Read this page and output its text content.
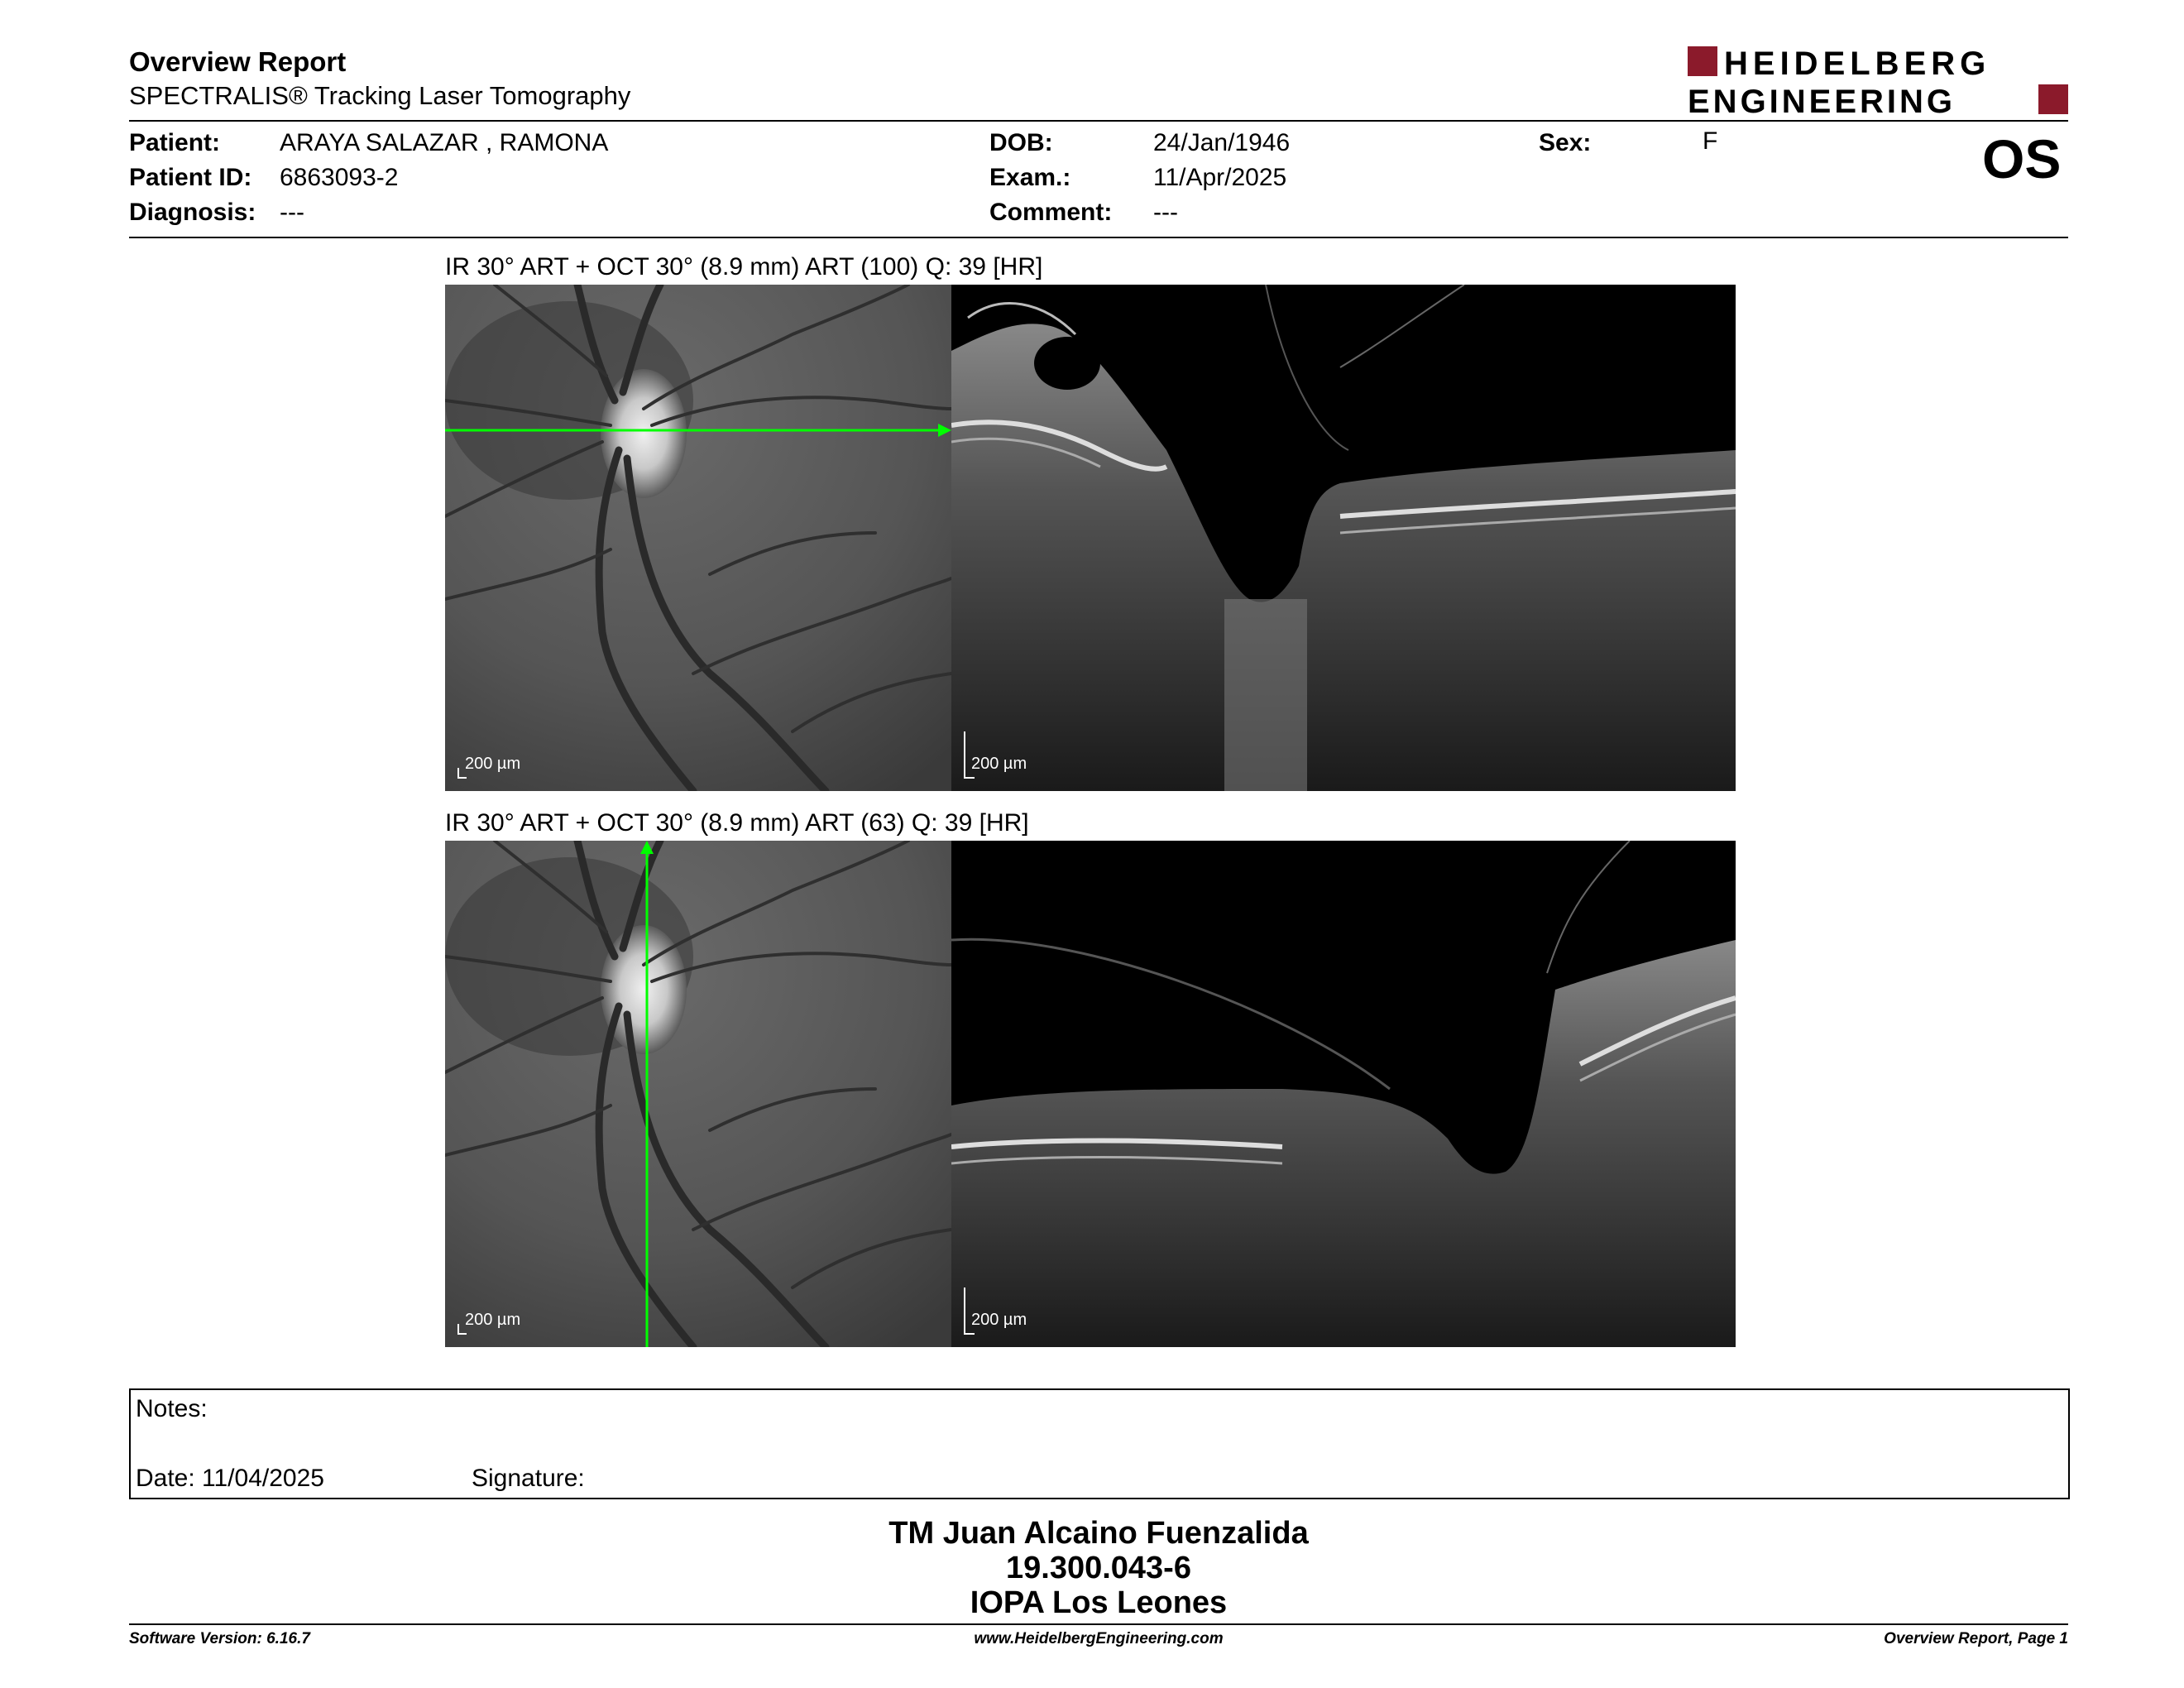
Overview Report
SPECTRALIS® Tracking Laser Tomography
HEIDELBERG
ENGINEERING
Patient: ARAYA SALAZAR , RAMONA
Patient ID: 6863093-2
Diagnosis: ---
DOB:	24/Jan/1946
Exam.:	11/Apr/2025
Comment: ---
Sex:	F	OS
IR 30° ART + OCT 30° (8.9 mm) ART (100) Q: 39 [HR]
200 µm	200 µm
IR 30° ART + OCT 30° (8.9 mm) ART (63) Q: 39 [HR]
200 µm	200 µm
Notes:
Date: 11/04/2025	Signature:
TM Juan Alcaino Fuenzalida
19.300.043-6
IOPA Los Leones
Software Version: 6.16.7	www.HeidelbergEngineering.com	Overview Report, Page 1
